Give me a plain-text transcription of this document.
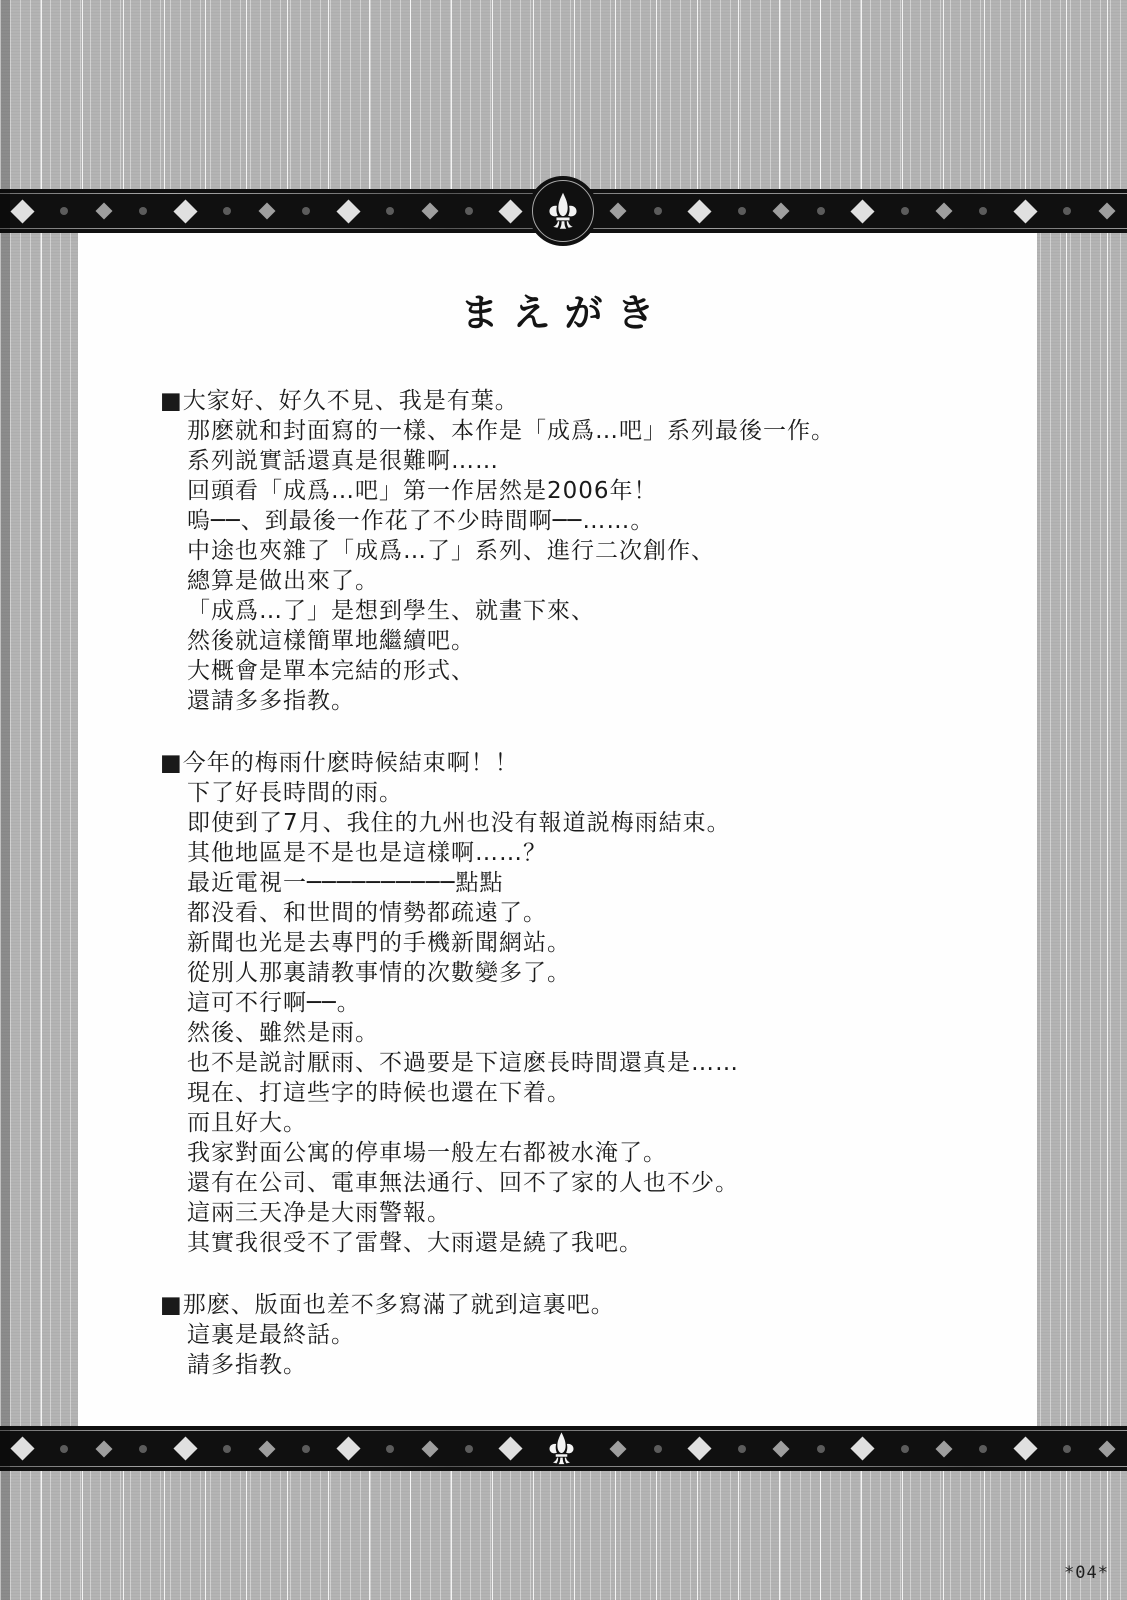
まえがき
■大家好、好久不見、我是有葉。
那麽就和封面寫的一樣、本作是「成爲…吧」系列最後一作。
系列説實話還真是很難啊……
回頭看「成爲…吧」第一作居然是2006年！
嗚──、到最後一作花了不少時間啊──……。
中途也夾雜了「成爲…了」系列、進行二次創作、
總算是做出來了。
「成爲…了」是想到學生、就畫下來、
然後就這樣簡單地繼續吧。
大概會是單本完結的形式、
還請多多指教。
■今年的梅雨什麽時候結束啊！！
下了好長時間的雨。
即使到了7月、我住的九州也没有報道説梅雨結束。
其他地區是不是也是這樣啊……？
最近電視一──────────點點
都没看、和世間的情勢都疏遠了。
新聞也光是去專門的手機新聞網站。
從別人那裏請教事情的次數變多了。
這可不行啊──。
然後、雖然是雨。
也不是説討厭雨、不過要是下這麽長時間還真是……
現在、打這些字的時候也還在下着。
而且好大。
我家對面公寓的停車場一般左右都被水淹了。
還有在公司、電車無法通行、回不了家的人也不少。
這兩三天净是大雨警報。
其實我很受不了雷聲、大雨還是繞了我吧。
■那麽、版面也差不多寫滿了就到這裏吧。
這裏是最終話。
請多指教。
*04*
